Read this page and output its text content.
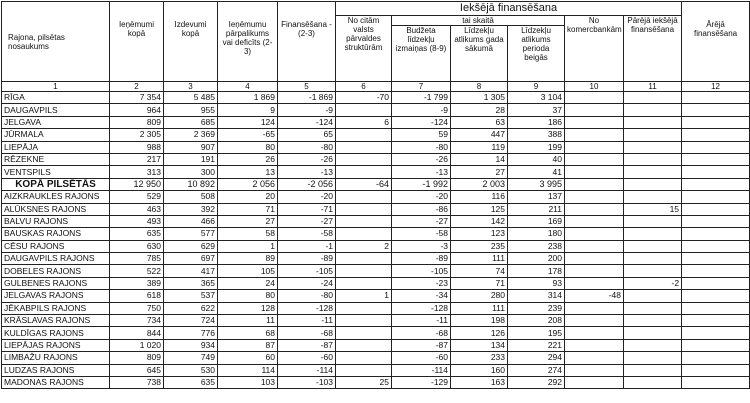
Rajona, pilsētas nosaukums	Ieņēmumi kopā	Izdevumi kopā	Ieņēmumu pārpalikums vai deficīts (2-3)	Finansēšana -(2-3)	Iekšējā finansēšana						Ārējā finansēšana
					No citām valsts pārvaldes struktūrām	tai skaitā			No komercbankām	Pārējā iekšējā finansēšana	
						Budžeta līdzekļu izmaiņas (8-9)	Līdzekļu atlikums gada sākumā	Līdzekļu atlikums perioda beigās			
1	2	3	4	5	6	7	8	9	10	11	12
RĪGA	7 354	5 485	1 869	-1 869	-70	-1 799	1 305	3 104			
DAUGAVPILS	964	955	9	-9		-9	28	37			
JELGAVA	809	685	124	-124	6	-124	63	186			
JŪRMALA	2 305	2 369	-65	65		59	447	388			
LIEPĀJA	988	907	80	-80		-80	119	199			
RĒZEKNE	217	191	26	-26		-26	14	40			
VENTSPILS	313	300	13	-13		-13	27	41			
KOPĀ PILSĒTĀS	12 950	10 892	2 056	-2 056	-64	-1 992	2 003	3 995			
AIZKRAUKLES RAJONS	529	508	20	-20		-20	116	137			
ALŪKSNES RAJONS	463	392	71	-71		-86	125	211		15	
BALVU RAJONS	493	466	27	-27		-27	142	169			
BAUSKAS RAJONS	635	577	58	-58		-58	123	180			
CĒSU RAJONS	630	629	1	-1	2	-3	235	238			
DAUGAVPILS RAJONS	785	697	89	-89		-89	111	200			
DOBELES RAJONS	522	417	105	-105		-105	74	178			
GULBENES RAJONS	389	365	24	-24		-23	71	93		-2	
JELGAVAS RAJONS	618	537	80	-80	1	-34	280	314	-48		
JĒKABPILS RAJONS	750	622	128	-128		-128	111	239			
KRĀSLAVAS RAJONS	734	724	11	-11		-11	198	208			
KULDĪGAS RAJONS	844	776	68	-68		-68	126	195			
LIEPĀJAS RAJONS	1 020	934	87	-87		-87	134	221			
LIMBAŽU RAJONS	809	749	60	-60		-60	233	294			
LUDZAS RAJONS	645	530	114	-114		-114	160	274			
MADONAS RAJONS	738	635	103	-103	25	-129	163	292			
